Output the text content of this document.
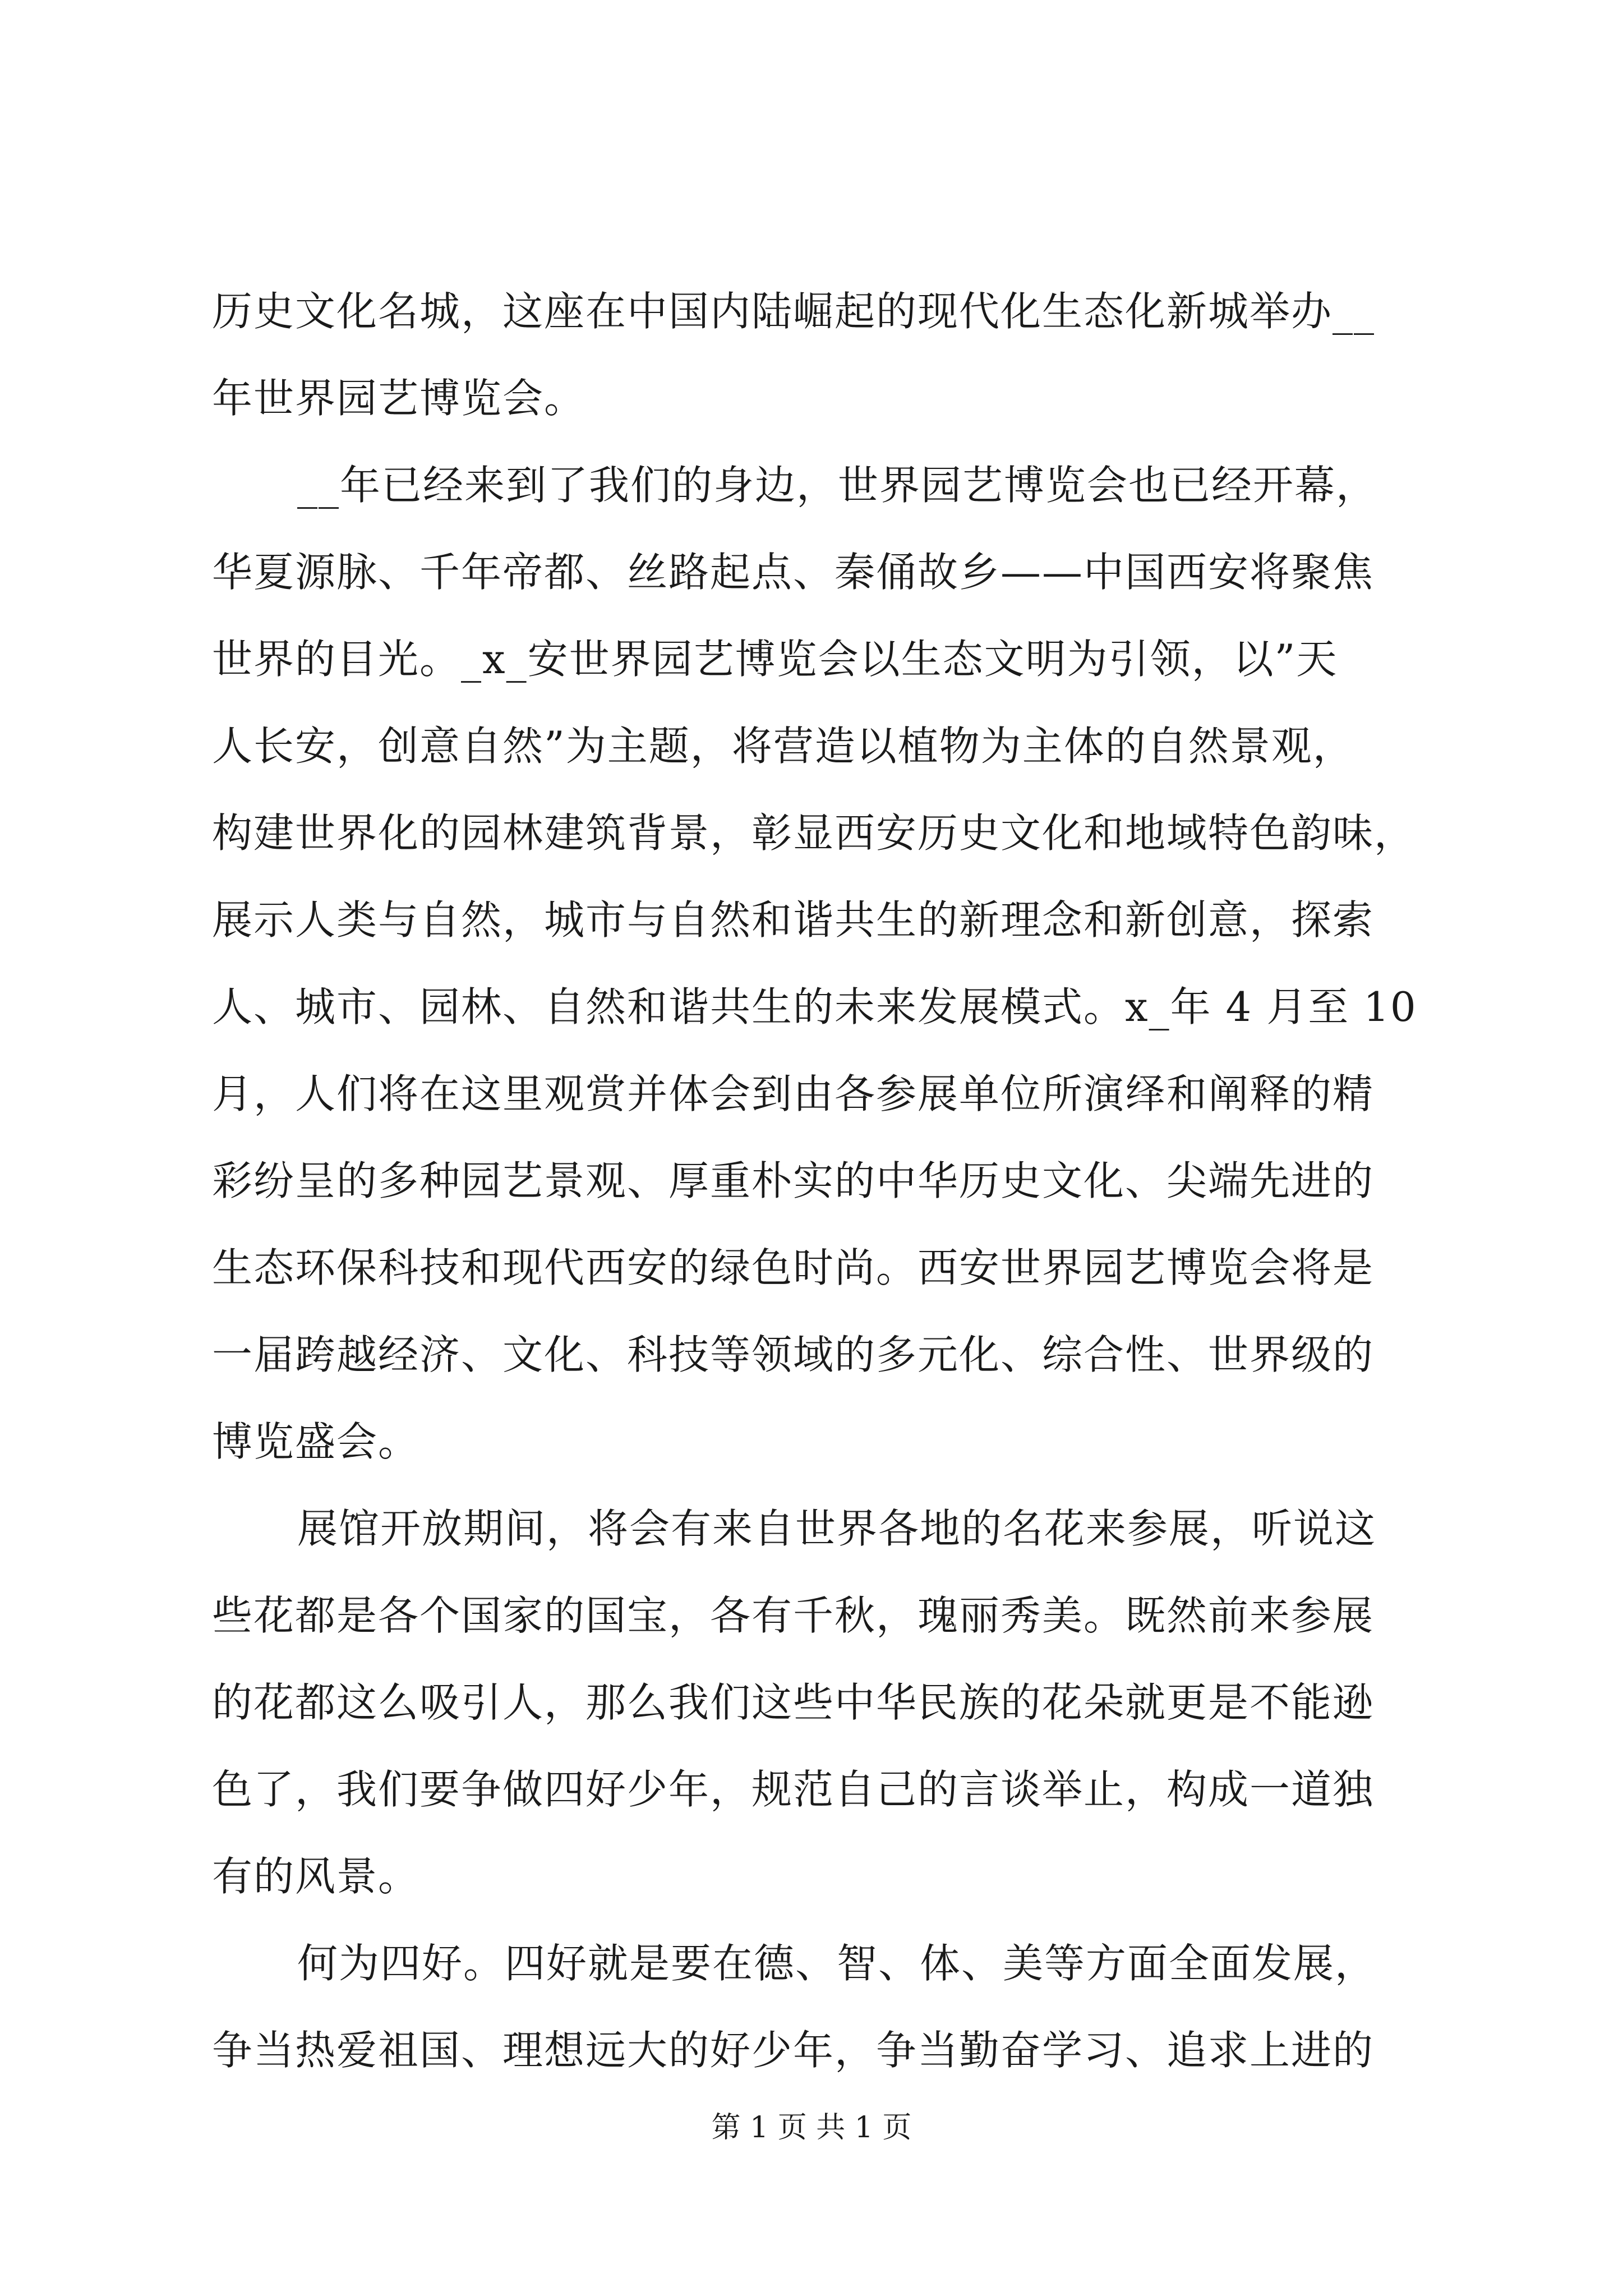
历史文化名城，这座在中国内陆崛起的现代化生态化新城举办__
年世界园艺博览会。
__年已经来到了我们的身边，世界园艺博览会也已经开幕，
华夏源脉、千年帝都、丝路起点、秦俑故乡——中国西安将聚焦
世界的目光。_x_安世界园艺博览会以生态文明为引领，以”天
人长安，创意自然”为主题，将营造以植物为主体的自然景观，
构建世界化的园林建筑背景，彰显西安历史文化和地域特色韵味，
展示人类与自然，城市与自然和谐共生的新理念和新创意，探索
人、城市、园林、自然和谐共生的未来发展模式。x_年 4 月至 10
月，人们将在这里观赏并体会到由各参展单位所演绎和阐释的精
彩纷呈的多种园艺景观、厚重朴实的中华历史文化、尖端先进的
生态环保科技和现代西安的绿色时尚。西安世界园艺博览会将是
一届跨越经济、文化、科技等领域的多元化、综合性、世界级的
博览盛会。
展馆开放期间，将会有来自世界各地的名花来参展，听说这
些花都是各个国家的国宝，各有千秋，瑰丽秀美。既然前来参展
的花都这么吸引人，那么我们这些中华民族的花朵就更是不能逊
色了，我们要争做四好少年，规范自己的言谈举止，构成一道独
有的风景。
何为四好。四好就是要在德、智、体、美等方面全面发展，
争当热爱祖国、理想远大的好少年，争当勤奋学习、追求上进的
第 1 页 共 1 页
